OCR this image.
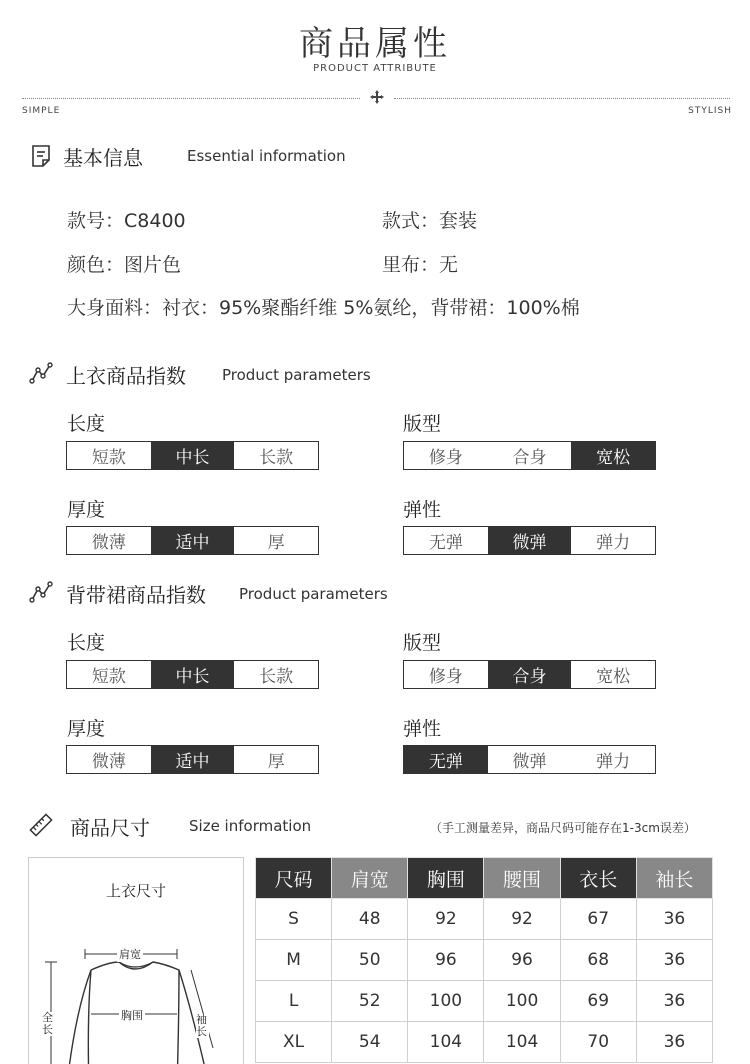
商品属性
PRODUCT ATTRIBUTE
SIMPLE	STYLISH
基本信息	Essential information
款号：C8400	款式：套装
颜色：图片色	里布：无
大身面料：衬衣：95%聚酯纤维 5%氨纶，背带裙：100%棉
上衣商品指数 Product parameters
长度
短款	中长	长款
版型
修身	合身	宽松
厚度
微薄	适中	厚
弹性
无弹	微弹	弹力
背带裙商品指数 Product parameters
长度
短款	中长	长款
版型
修身	合身	宽松
厚度
微薄	适中	厚
弹性
无弹	微弹	弹力
商品尺寸	Size information	（手工测量差异，商品尺码可能存在1-3cm误差）
上衣尺寸
肩宽
胸围
全长
袖长
尺码	肩宽	胸围	腰围	衣长	袖长
S	48	92	92	67	36
M	50	96	96	68	36
L	52	100	100	69	36
XL	54	104	104	70	36
